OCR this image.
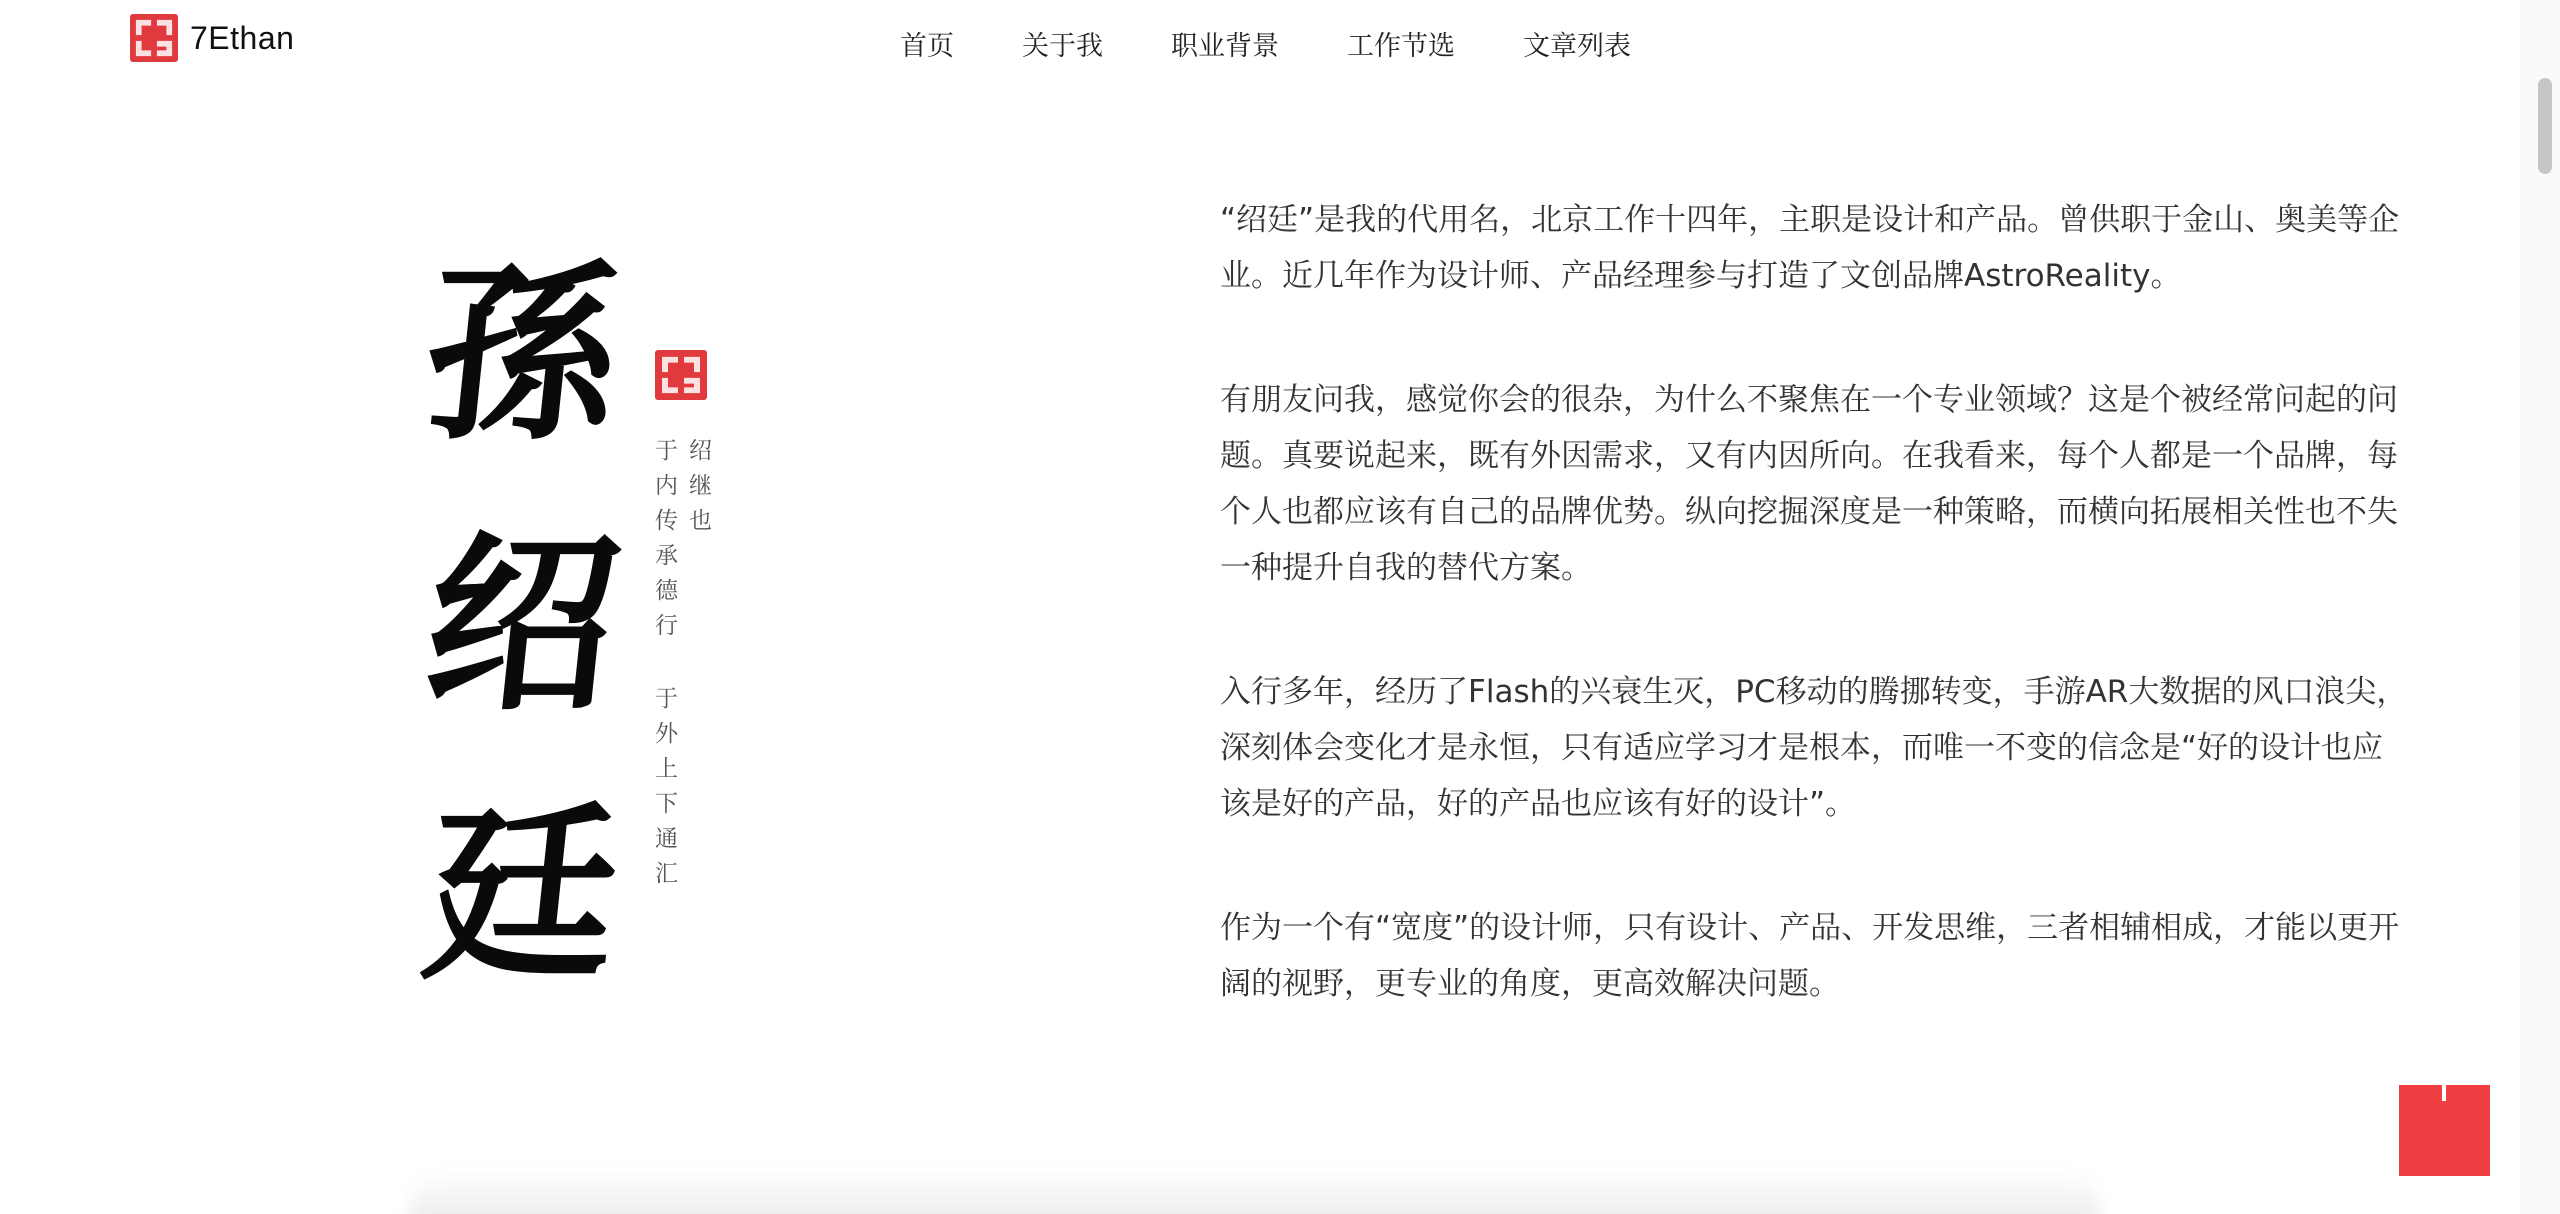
7Ethan	首页	关于我	职业背景	工作节选	文章列表
孫
绍
廷
绍继也
于内传承德行
于外上下通汇

“绍廷”是我的代用名，北京工作十四年，主职是设计和产品。曾供职于金山、奥美等企业。近几年作为设计师、产品经理参与打造了文创品牌AstroReality。

有朋友问我，感觉你会的很杂，为什么不聚焦在一个专业领域？这是个被经常问起的问题。真要说起来，既有外因需求，又有内因所向。在我看来，每个人都是一个品牌，每个人也都应该有自己的品牌优势。纵向挖掘深度是一种策略，而横向拓展相关性也不失一种提升自我的替代方案。

入行多年，经历了Flash的兴衰生灭，PC移动的腾挪转变，手游AR大数据的风口浪尖，深刻体会变化才是永恒，只有适应学习才是根本，而唯一不变的信念是“好的设计也应该是好的产品，好的产品也应该有好的设计”。

作为一个有“宽度”的设计师，只有设计、产品、开发思维，三者相辅相成，才能以更开阔的视野，更专业的角度，更高效解决问题。
